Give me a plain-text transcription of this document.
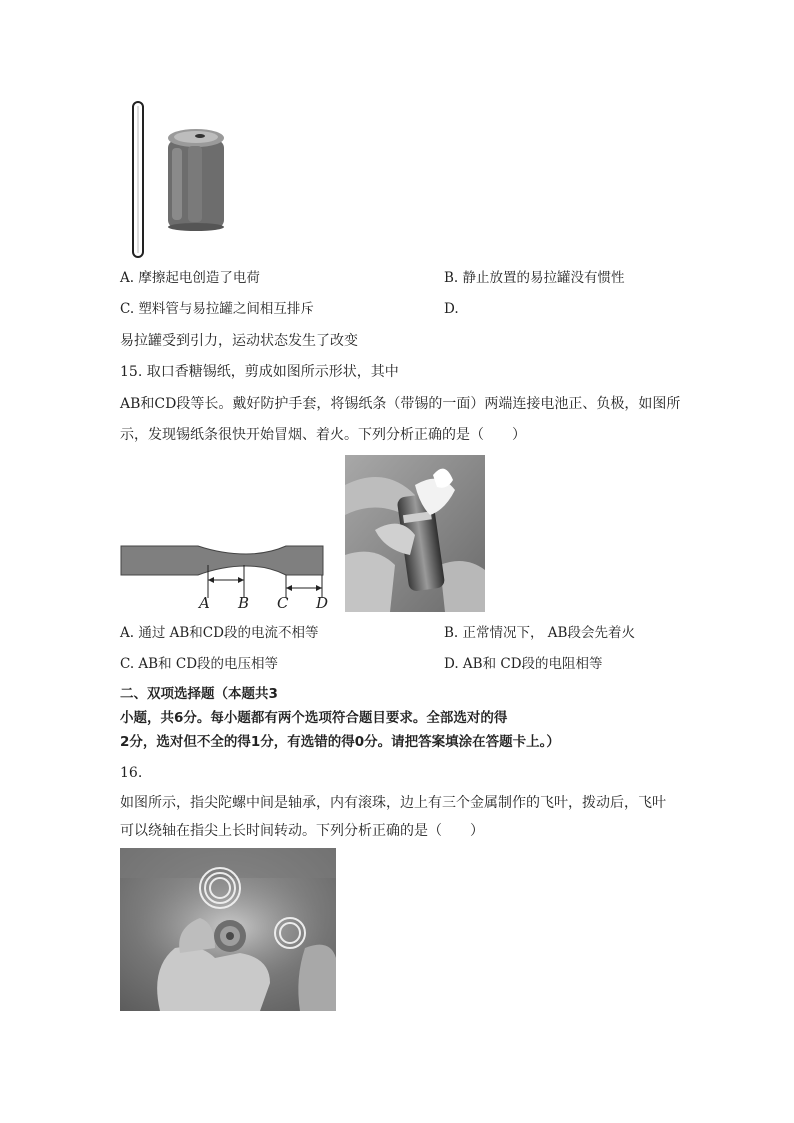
A. 摩擦起电创造了电荷	B. 静止放置的易拉罐没有惯性
C. 塑料管与易拉罐之间相互排斥	D.
易拉罐受到引力，运动状态发生了改变
15. 取口香糖锡纸，剪成如图所示形状，其中
AB和CD段等长。戴好防护手套，将锡纸条（带锡的一面）两端连接电池正、负极，如图所
示，发现锡纸条很快开始冒烟、着火。下列分析正确的是（　　）
A B C D
A. 通过 AB和CD段的电流不相等	B. 正常情况下， AB段会先着火
C. AB和 CD段的电压相等	D. AB和 CD段的电阻相等
二、双项选择题（本题共3
小题，共6分。每小题都有两个选项符合题目要求。全部选对的得
2分，选对但不全的得1分，有选错的得0分。请把答案填涂在答题卡上。）
16.
如图所示，指尖陀螺中间是轴承，内有滚珠，边上有三个金属制作的飞叶，拨动后，飞叶
可以绕轴在指尖上长时间转动。下列分析正确的是（　　）
